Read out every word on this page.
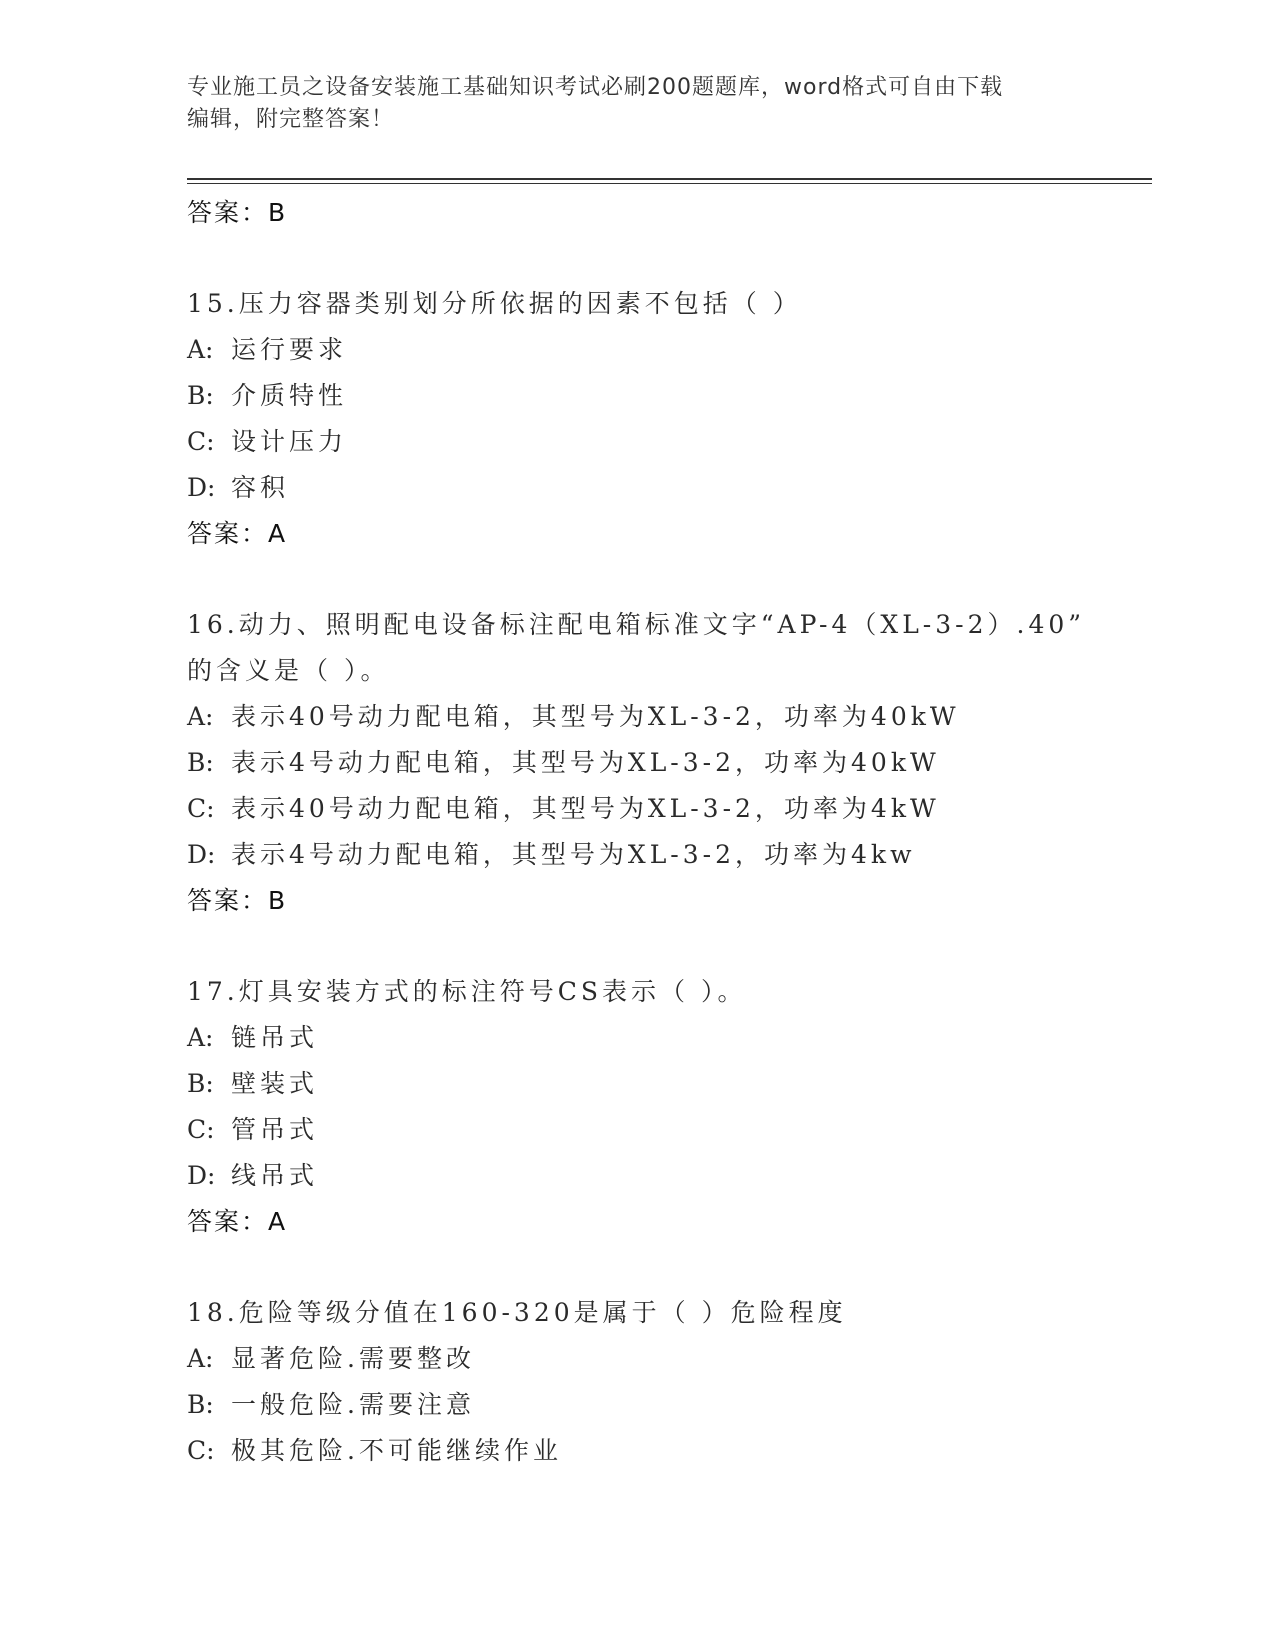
专业施工员之设备安装施工基础知识考试必刷200题题库，word格式可自由下载
编辑，附完整答案！
答案：B
15.压力容器类别划分所依据的因素不包括（ ）
A: 运行要求
B: 介质特性
C: 设计压力
D: 容积
答案：A
16.动力、照明配电设备标注配电箱标准文字“AP-4（XL-3-2）.40”
的含义是（ ）。
A: 表示40号动力配电箱，其型号为XL-3-2，功率为40kW
B: 表示4号动力配电箱，其型号为XL-3-2，功率为40kW
C: 表示40号动力配电箱，其型号为XL-3-2，功率为4kW
D: 表示4号动力配电箱，其型号为XL-3-2，功率为4kw
答案：B
17.灯具安装方式的标注符号CS表示（ ）。
A: 链吊式
B: 壁装式
C: 管吊式
D: 线吊式
答案：A
18.危险等级分值在160-320是属于（ ）危险程度
A: 显著危险.需要整改
B: 一般危险.需要注意
C: 极其危险.不可能继续作业
